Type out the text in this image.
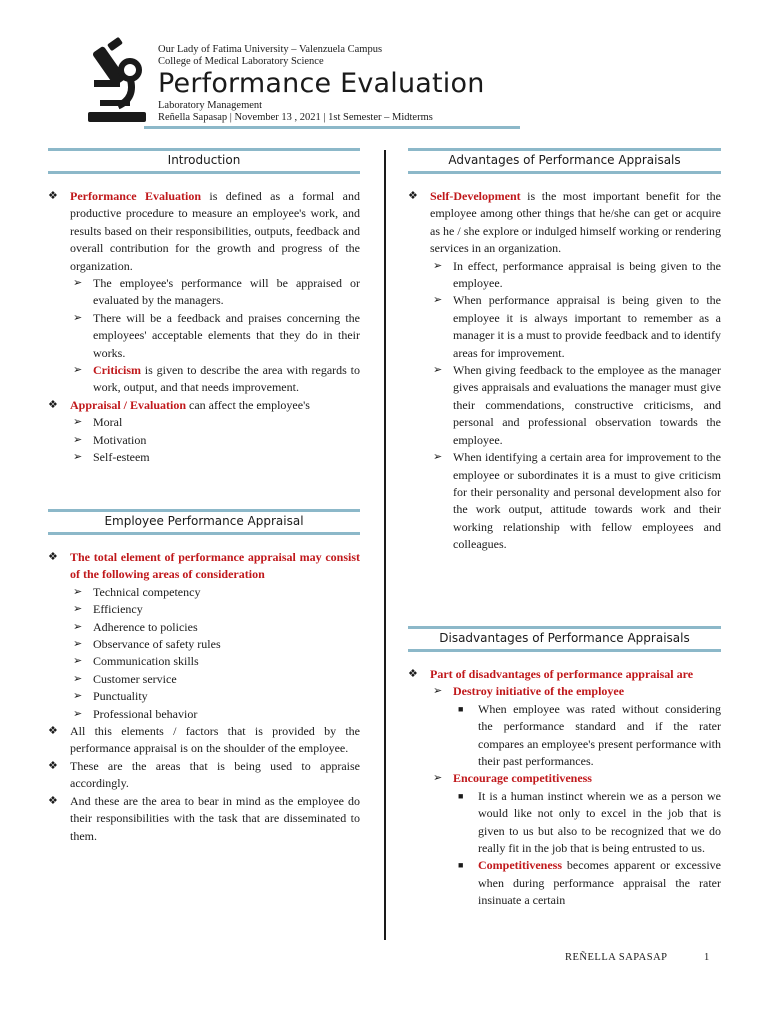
Our Lady of Fatima University – Valenzuela Campus

College of Medical Laboratory Science

Performance Evaluation

Laboratory Management

Reñella Sapasap | November 13 , 2021 | 1st Semester – Midterms

Introduction
❖ Performance Evaluation is defined as a formal and productive procedure to measure an employee's work, and results based on their responsibilities, outputs, feedback and overall contribution for the growth and progress of the organization.
➢ The employee's performance will be appraised or evaluated by the managers.
➢ There will be a feedback and praises concerning the employees' acceptable elements that they do in their works.
➢ Criticism is given to describe the area with regards to work, output, and that needs improvement.
❖ Appraisal / Evaluation can affect the employee's
➢ Moral
➢ Motivation
➢ Self-esteem
Employee Performance Appraisal
❖ The total element of performance appraisal may consist of the following areas of consideration
➢ Technical competency
➢ Efficiency
➢ Adherence to policies
➢ Observance of safety rules
➢ Communication skills
➢ Customer service
➢ Punctuality
➢ Professional behavior
❖ All this elements / factors that is provided by the performance appraisal is on the shoulder of the employee.
❖ These are the areas that is being used to appraise accordingly.
❖ And these are the area to bear in mind as the employee do their responsibilities with the task that are disseminated to them.
Advantages of Performance Appraisals
❖ Self-Development is the most important benefit for the employee among other things that he/she can get or acquire as he / she explore or indulged himself working or rendering services in an organization.
➢ In effect, performance appraisal is being given to the employee.
➢ When performance appraisal is being given to the employee it is always important to remember as a manager it is a must to provide feedback and to identify areas for improvement.
➢ When giving feedback to the employee as the manager gives appraisals and evaluations the manager must give their commendations, constructive criticisms, and personal and professional observation towards the employee.
➢ When identifying a certain area for improvement to the employee or subordinates it is a must to give criticism for their personality and personal development also for the work output, attitude towards work and their working relationship with fellow employees and colleagues.
Disadvantages of Performance Appraisals
❖ Part of disadvantages of performance appraisal are
➢ Destroy initiative of the employee
■ When employee was rated without considering the performance standard and if the rater compares an employee's present performance with their past performances.
➢ Encourage competitiveness
■ It is a human instinct wherein we as a person we would like not only to excel in the job that is given to us but also to be recognized that we do really fit in the job that is being entrusted to us.
■ Competitiveness becomes apparent or excessive when during performance appraisal the rater insinuate a certain
REÑELLA SAPASAP	1
